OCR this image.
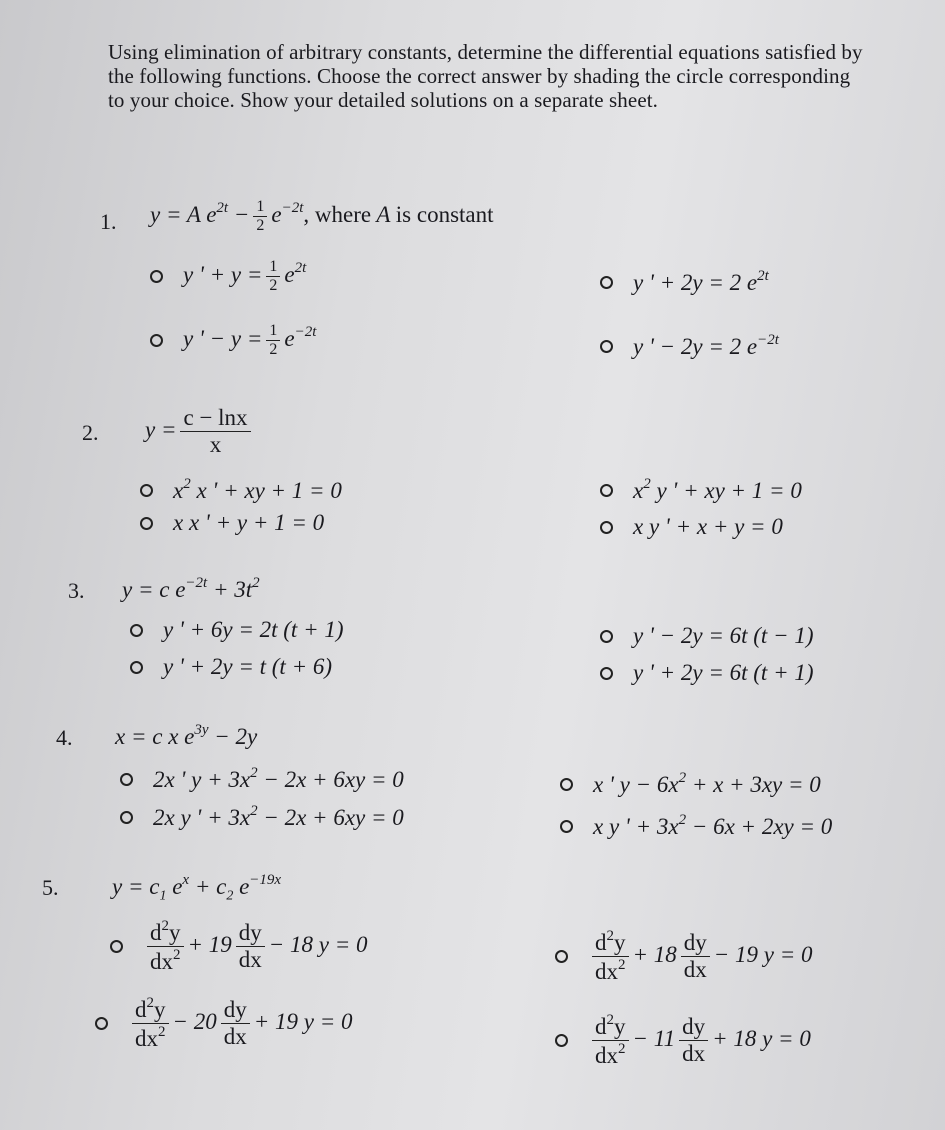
Using elimination of arbitrary constants, determine the differential equations satisfied by the following functions. Choose the correct answer by shading the circle corresponding to your choice. Show your detailed solutions on a separate sheet.
1. y = A $e^{2t} - \frac{1}{2} e^{-2t}$, where A is constant
y ' + $y = \frac{1}{2} e^{2t}$
y ' + 2y = 2 $e^{2t}$
y ' − $y = \frac{1}{2} e^{-2t}$
y ' − 2y = 2 $e^{-2t}$
2. $y = \frac{c - \ln x}{x}$
$x^2$ x ' + xy + 1 = 0	$x^2$ y ' + xy + 1 = 0
x x ' + y + 1 = 0	x y ' + x + y = 0
3. y = c $e^{-2t} + 3t^2$
y ' + 6y = 2t (t + 1)	y ' − 2y = 6t (t − 1)
y ' + 2y = t (t + 6)	y ' + 2y = 6t (t + 1)
4. x = c x $e^{3y} - 2y$
2x ' $y + 3x^2 - 2x + 6xy = 0$	x ' $y - 6x^2 + x + 3xy = 0$
2x y ' + $3x^2 - 2x + 6xy = 0$	x y ' + $3x^2 - 6x + 2xy = 0$
5. $y = c_1$ $e^x + c_2$ $e^{-19x}$
$\frac{d^2y}{dx^2} + 19 \frac{dy}{dx} - 18$ y = 0	$\frac{d^2y}{dx^2} + 18 \frac{dy}{dx} - 19$ y = 0
$\frac{d^2y}{dx^2} - 20 \frac{dy}{dx} + 19$ y = 0	$\frac{d^2y}{dx^2} - 11 \frac{dy}{dx} + 18$ y = 0
